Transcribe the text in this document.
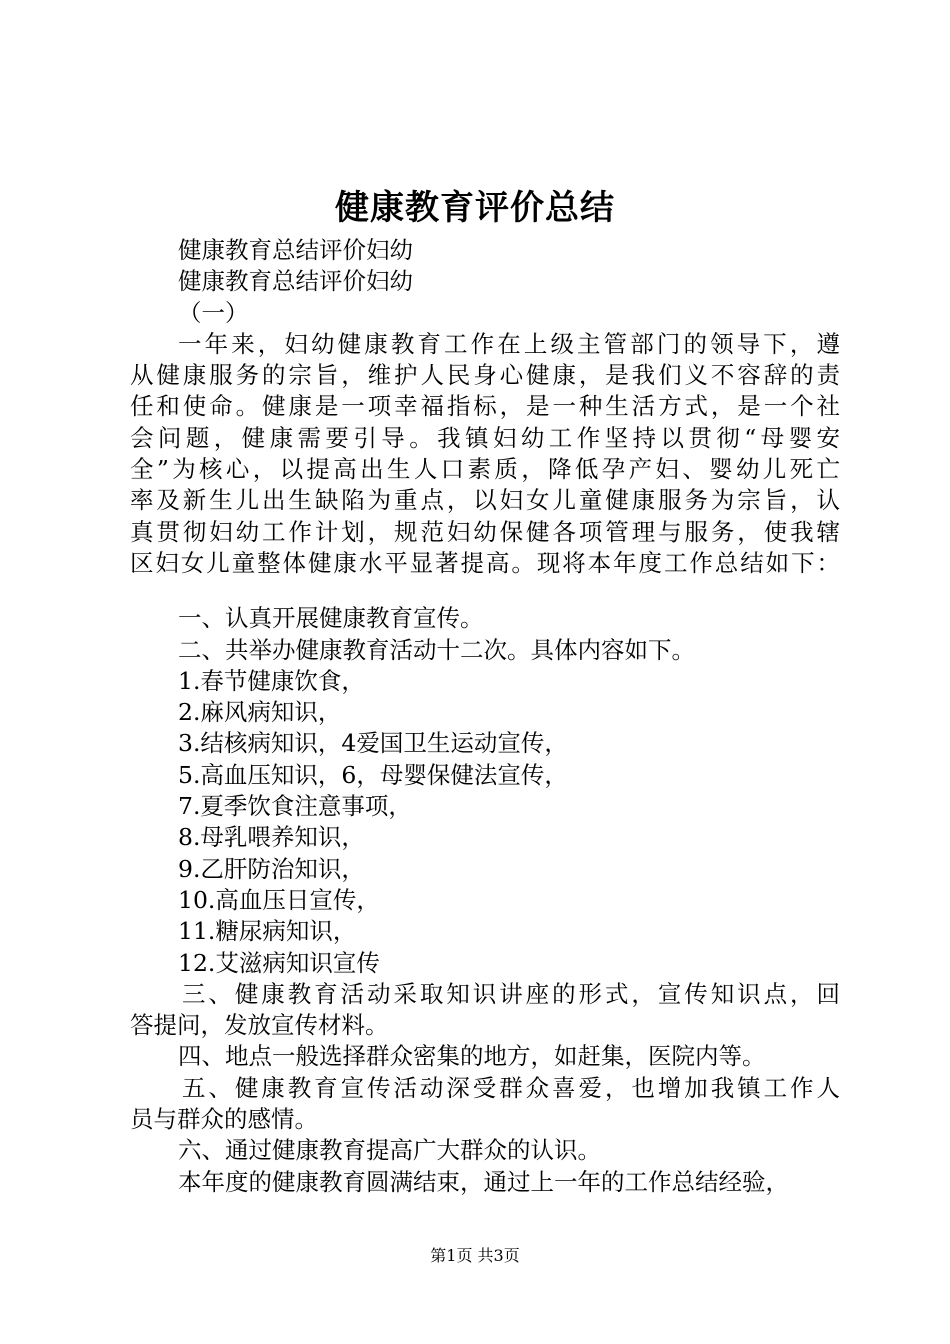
健康教育评价总结
健康教育总结评价妇幼
健康教育总结评价妇幼
（一）
一年来，妇幼健康教育工作在上级主管部门的领导下，遵
从健康服务的宗旨，维护人民身心健康，是我们义不容辞的责
任和使命。健康是一项幸福指标，是一种生活方式，是一个社
会问题，健康需要引导。我镇妇幼工作坚持以贯彻“母婴安
全”为核心，以提高出生人口素质，降低孕产妇、婴幼儿死亡
率及新生儿出生缺陷为重点，以妇女儿童健康服务为宗旨，认
真贯彻妇幼工作计划，规范妇幼保健各项管理与服务，使我辖
区妇女儿童整体健康水平显著提高。现将本年度工作总结如下：
一、认真开展健康教育宣传。
二、共举办健康教育活动十二次。具体内容如下。
1.春节健康饮食，
2.麻风病知识，
3.结核病知识，4爱国卫生运动宣传，
5.高血压知识，6，母婴保健法宣传，
7.夏季饮食注意事项，
8.母乳喂养知识，
9.乙肝防治知识，
10.高血压日宣传，
11.糖尿病知识，
12.艾滋病知识宣传
三、健康教育活动采取知识讲座的形式，宣传知识点，回
答提问，发放宣传材料。
四、地点一般选择群众密集的地方，如赶集，医院内等。
五、健康教育宣传活动深受群众喜爱，也增加我镇工作人
员与群众的感情。
六、通过健康教育提高广大群众的认识。
本年度的健康教育圆满结束，通过上一年的工作总结经验，
第1页 共3页
